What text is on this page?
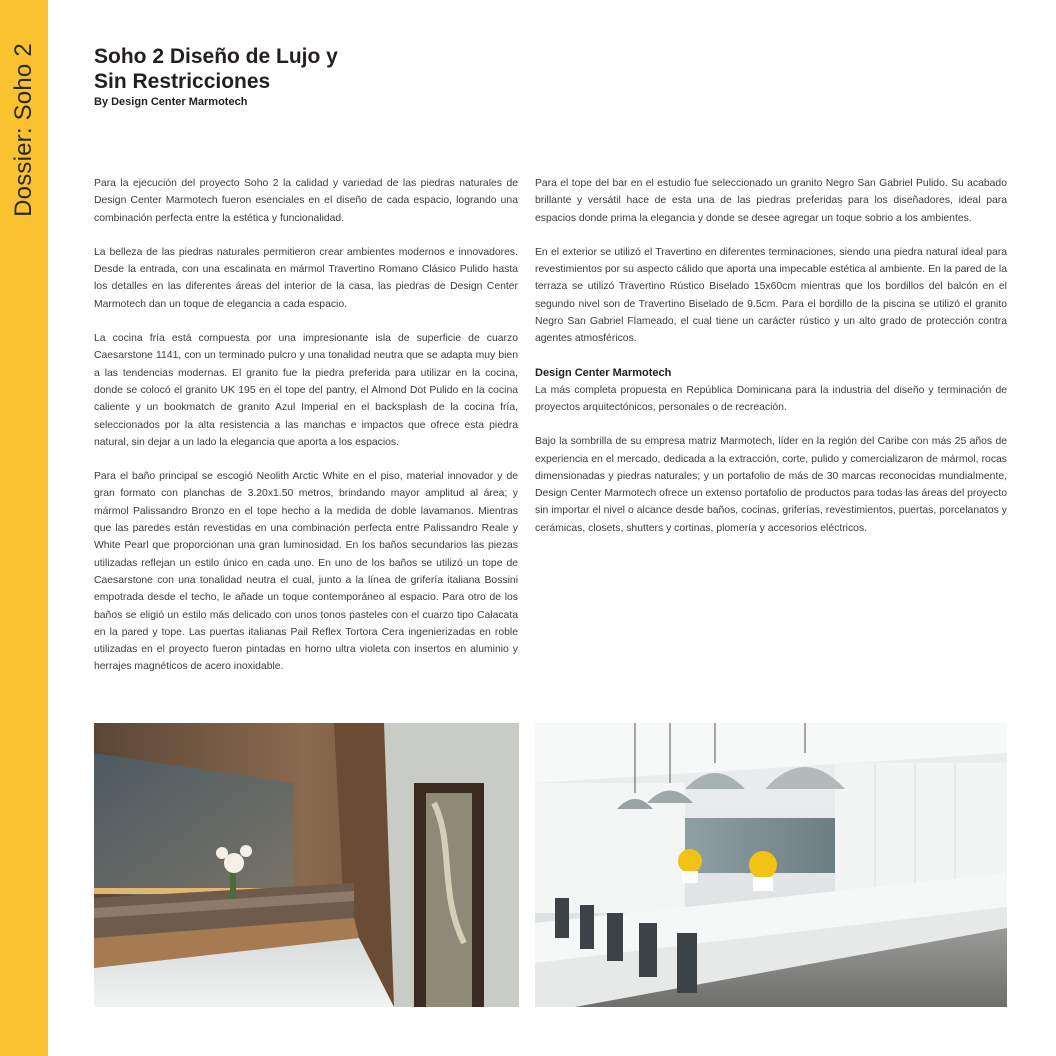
Dossier: Soho 2	Soho 2 Diseño de Lujo y
Sin Restricciones
By Design Center Marmotech

Para la ejecución del proyecto Soho 2 la calidad y variedad de las piedras naturales de Design Center Marmotech fueron esenciales en el diseño de cada espacio, logrando una combinación perfecta entre la estética y funcionalidad.

La belleza de las piedras naturales permitieron crear ambientes modernos e innovadores. Desde la entrada, con una escalinata en mármol Travertino Romano Clásico Pulido hasta los detalles en las diferentes áreas del interior de la casa, las piedras de Design Center Marmotech dan un toque de elegancia a cada espacio.

La cocina fría está compuesta por una impresionante isla de superficie de cuarzo Caesarstone 1141, con un terminado pulcro y una tonalidad neutra que se adapta muy bien a las tendencias modernas. El granito fue la piedra preferida para utilizar en la cocina, donde se colocó el granito UK 195 en el tope del pantry, el Almond Dot Pulido en la cocina caliente y un bookmatch de granito Azul Imperial en el backsplash de la cocina fría, seleccionados por la alta resistencia a las manchas e impactos que ofrece esta piedra natural, sin dejar a un lado la elegancia que aporta a los espacios.

Para el baño principal se escogió Neolith Arctic White en el piso, material innovador y de gran formato con planchas de 3.20x1.50 metros, brindando mayor amplitud al área; y mármol Palissandro Bronzo en el tope hecho a la medida de doble lavamanos. Mientras que las paredes están revestidas en una combinación perfecta entre Palissandro Reale y White Pearl que proporcionan una gran luminosidad. En los baños secundarios las piezas utilizadas reflejan un estilo único en cada uno. En uno de los baños se utilizó un tope de Caesarstone con una tonalidad neutra el cual, junto a la línea de grifería italiana Bossini empotrada desde el techo, le añade un toque contemporáneo al espacio. Para otro de los baños se eligió un estilo más delicado con unos tonos pasteles con el cuarzo tipo Calacata en la pared y tope. Las puertas italianas Pail Reflex Tortora Cera ingenierizadas en roble utilizadas en el proyecto fueron pintadas en horno ultra violeta con insertos en aluminio y herrajes magnéticos de acero inoxidable.

Para el tope del bar en el estudio fue seleccionado un granito Negro San Gabriel Pulido. Su acabado brillante y versátil hace de esta una de las piedras preferidas para los diseñadores, ideal para espacios donde prima la elegancia y donde se desee agregar un toque sobrio a los ambientes.

En el exterior se utilizó el Travertino en diferentes terminaciones, siendo una piedra natural ideal para revestimientos por su aspecto cálido que aporta una impecable estética al ambiente. En la pared de la terraza se utilizó Travertino Rústico Biselado 15x60cm mientras que los bordillos del balcón en el segundo nivel son de Travertino Biselado de 9.5cm. Para el bordillo de la piscina se utilizó el granito Negro San Gabriel Flameado, el cual tiene un carácter rústico y un alto grado de protección contra agentes atmosféricos.

Design Center Marmotech

La más completa propuesta en República Dominicana para la industria del diseño y terminación de proyectos arquitectónicos, personales o de recreación.

Bajo la sombrilla de su empresa matriz Marmotech, líder en la región del Caribe con más 25 años de experiencia en el mercado, dedicada a la extracción, corte, pulido y comercializaron de mármol, rocas dimensionadas y piedras naturales; y un portafolio de más de 30 marcas reconocidas mundialmente, Design Center Marmotech ofrece un extenso portafolio de productos para todas las áreas del proyecto sin importar el nivel o alcance desde baños, cocinas, griferías, revestimientos, puertas, porcelanatos y cerámicas, closets, shutters y cortinas, plomería y accesorios eléctricos.
